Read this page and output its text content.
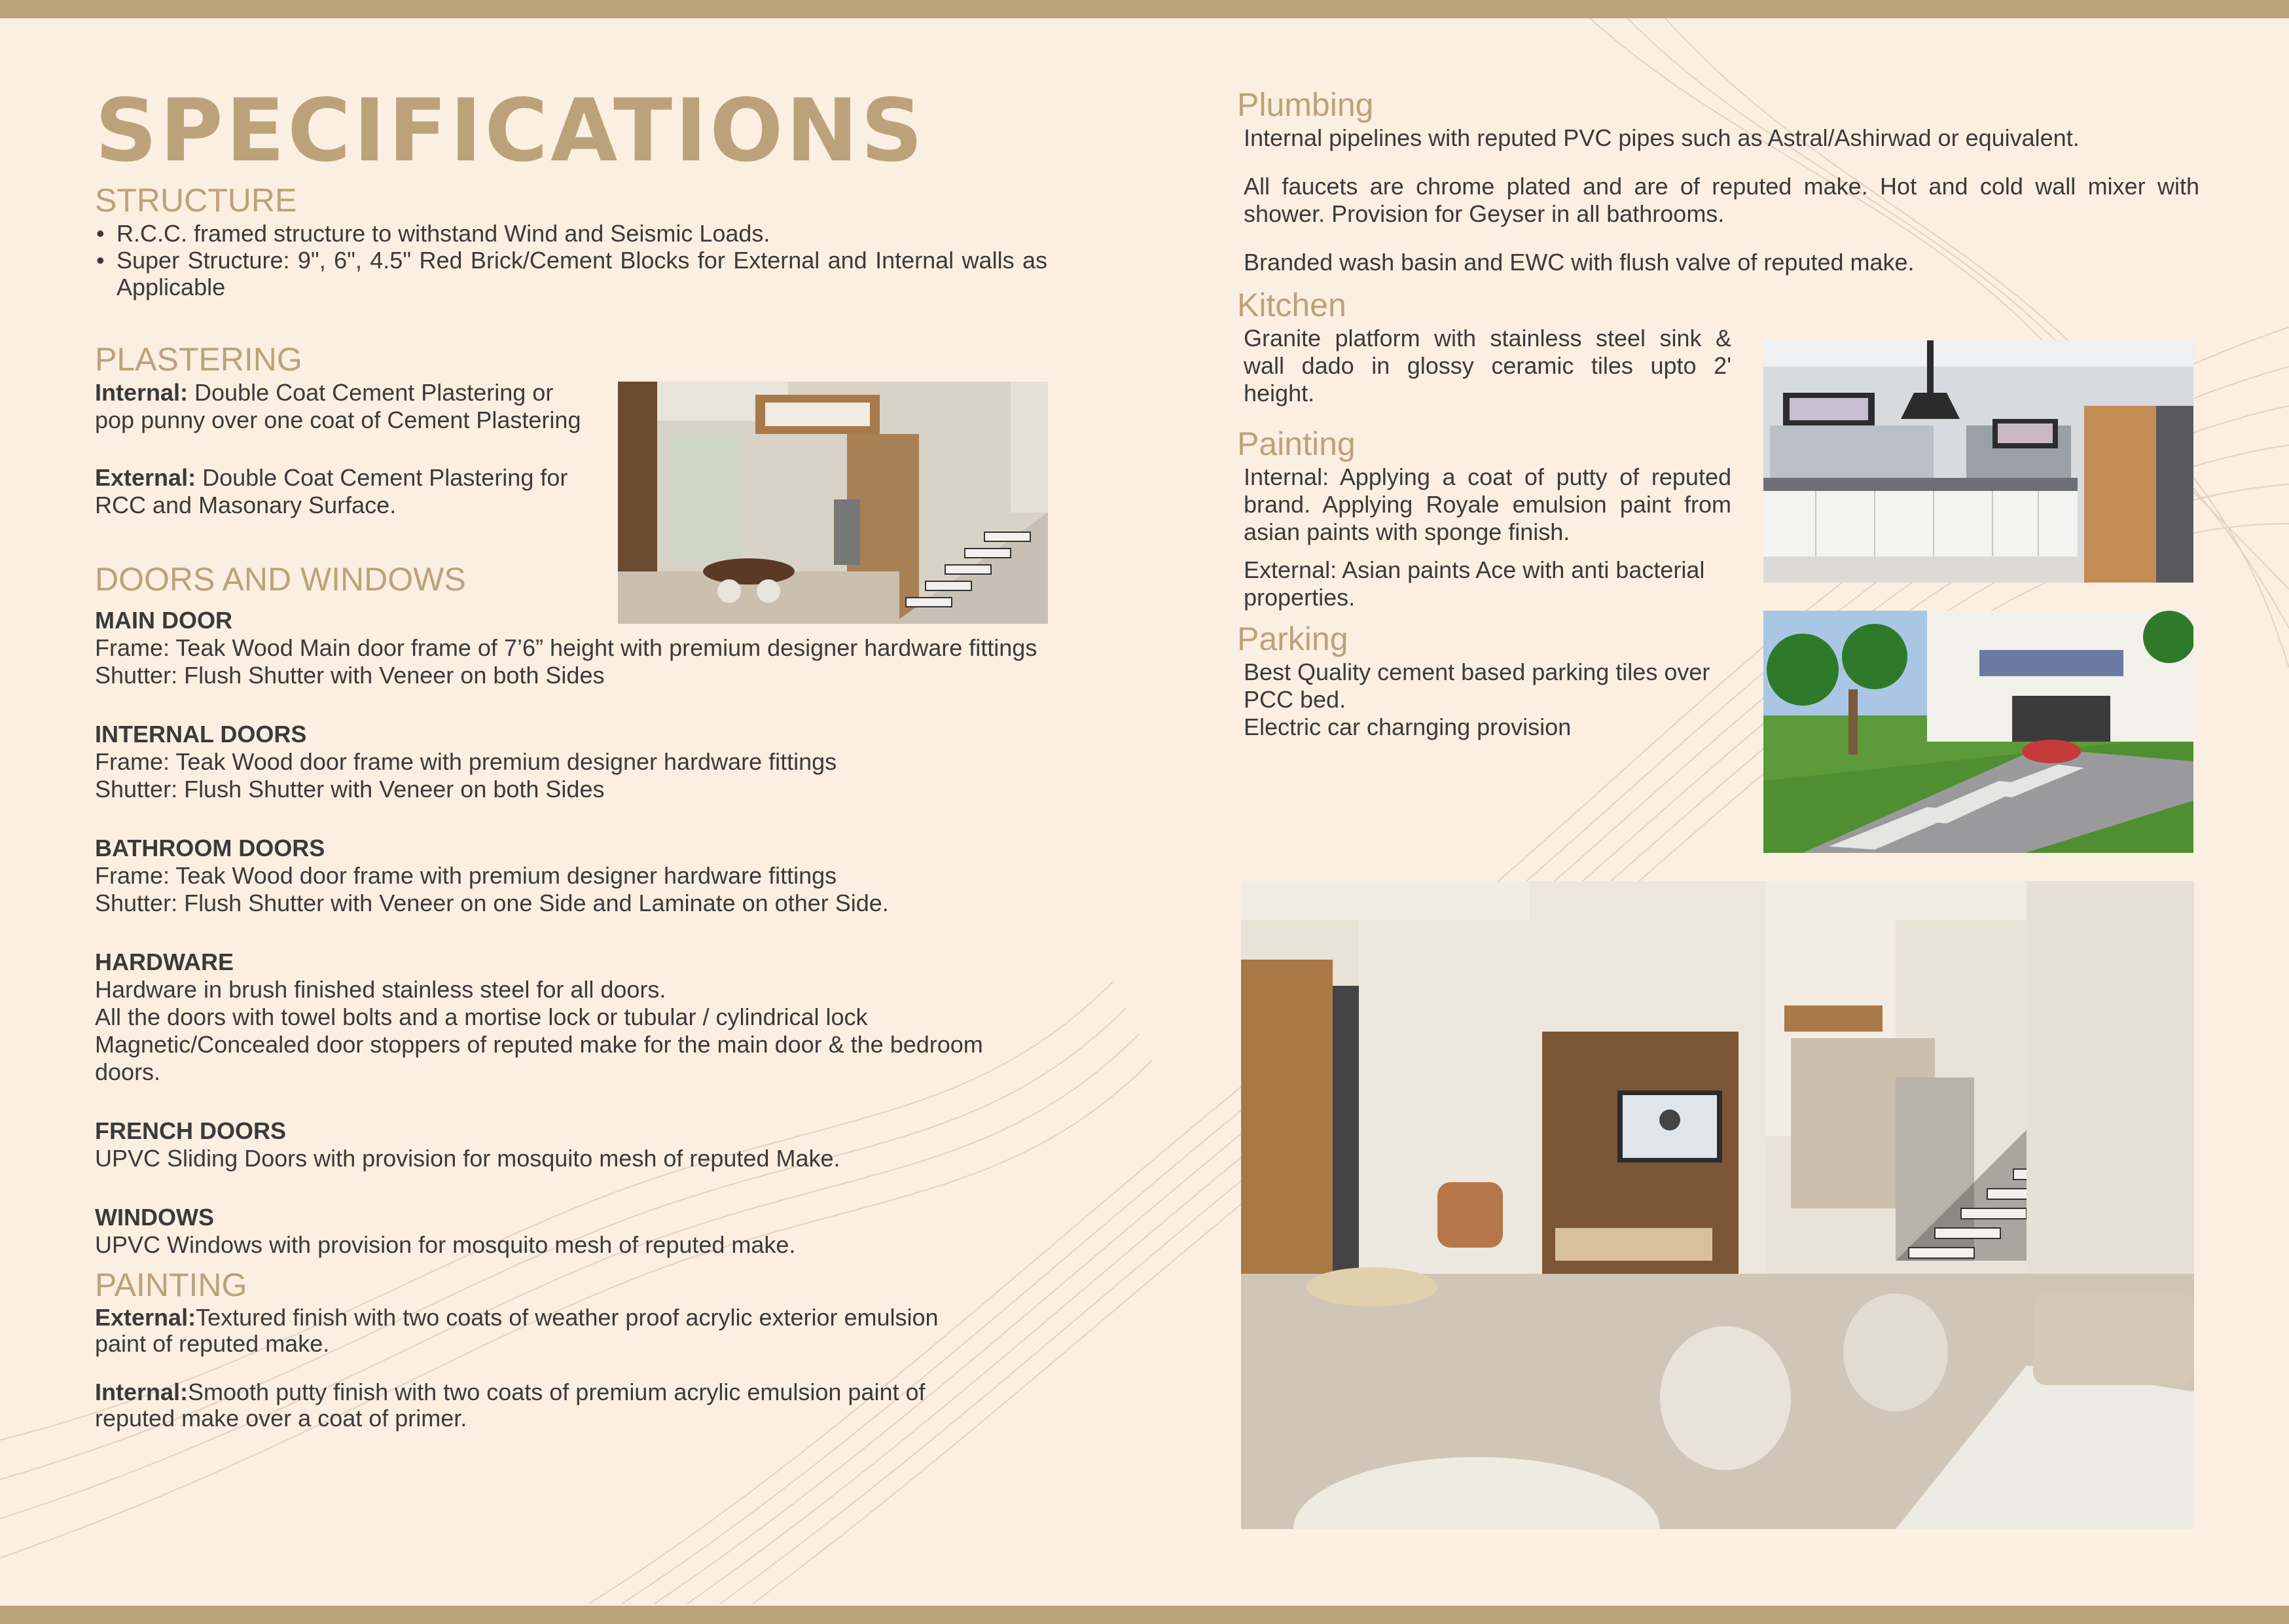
SPECIFICATIONS
STRUCTURE
• R.C.C. framed structure to withstand Wind and Seismic Loads.
• Super Structure: 9", 6", 4.5" Red Brick/Cement Blocks for External and Internal walls as Applicable
PLASTERING

Internal: Double Coat Cement Plastering or pop punny over one coat of Cement Plastering

External: Double Coat Cement Plastering for RCC and Masonary Surface.

DOORS AND WINDOWS

MAIN DOOR

Frame: Teak Wood Main door frame of 7’6” height with premium designer hardware fittings

Shutter: Flush Shutter with Veneer on both Sides

INTERNAL DOORS

Frame: Teak Wood door frame with premium designer hardware fittings

Shutter: Flush Shutter with Veneer on both Sides

BATHROOM DOORS

Frame: Teak Wood door frame with premium designer hardware fittings

Shutter: Flush Shutter with Veneer on one Side and Laminate on other Side.

HARDWARE

Hardware in brush finished stainless steel for all doors.

All the doors with towel bolts and a mortise lock or tubular / cylindrical lock

Magnetic/Concealed door stoppers of reputed make for the main door & the bedroom doors.

FRENCH DOORS

UPVC Sliding Doors with provision for mosquito mesh of reputed Make.

WINDOWS

UPVC Windows with provision for mosquito mesh of reputed make.

PAINTING

External:Textured finish with two coats of weather proof acrylic exterior emulsion paint of reputed make.

Internal:Smooth putty finish with two coats of premium acrylic emulsion paint of reputed make over a coat of primer.

Plumbing

Internal pipelines with reputed PVC pipes such as Astral/Ashirwad or equivalent.

All faucets are chrome plated and are of reputed make. Hot and cold wall mixer with shower. Provision for Geyser in all bathrooms.

Branded wash basin and EWC with flush valve of reputed make.

Kitchen

Granite platform with stainless steel sink & wall dado in glossy ceramic tiles upto 2' height.

Painting

Internal: Applying a coat of putty of reputed brand. Applying Royale emulsion paint from asian paints with sponge finish.

External: Asian paints Ace with anti bacterial properties.

Parking

Best Quality cement based parking tiles over PCC bed.

Electric car charnging provision
